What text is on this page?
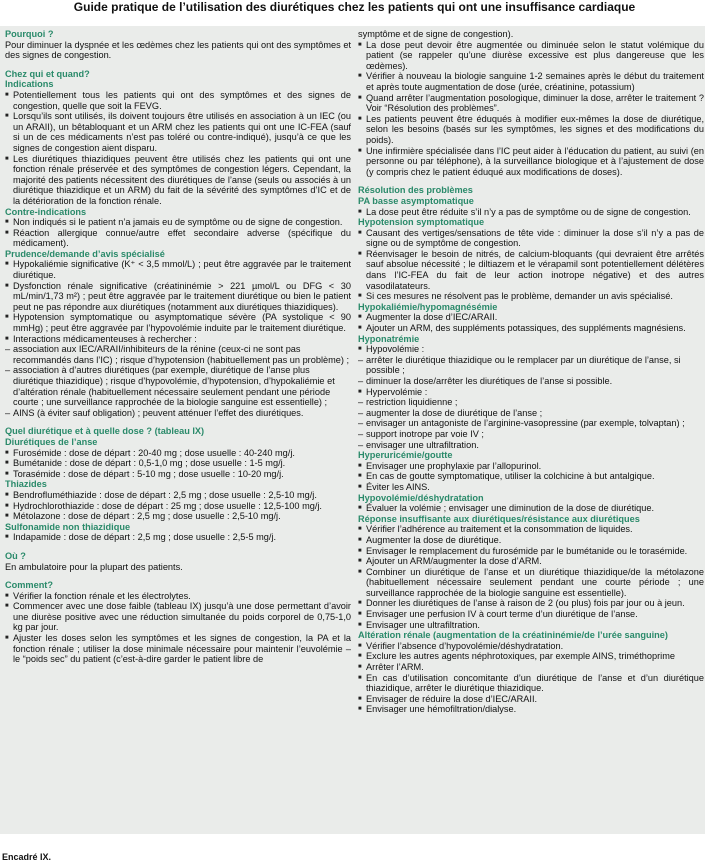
Guide pratique de l’utilisation des diurétiques chez les patients qui ont une insuffisance cardiaque
Pourquoi ?
Pour diminuer la dyspnée et les œdèmes chez les patients qui ont des symptômes et des signes de congestion.
Chez qui et quand?
Indications
■ Potentiellement tous les patients qui ont des symptômes et des signes de congestion, quelle que soit la FEVG.
■ Lorsqu’ils sont utilisés, ils doivent toujours être utilisés en association à un IEC (ou un ARAII), un bêtabloquant et un ARM chez les patients qui ont une IC-FEA (sauf si un de ces médicaments n’est pas toléré ou contre-indiqué), jusqu’à ce que les signes de congestion aient disparu.
■ Les diurétiques thiazidiques peuvent être utilisés chez les patients qui ont une fonction rénale préservée et des symptômes de congestion légers. Cependant, la majorité des patients nécessitent des diurétiques de l’anse (seuls ou associés à un diurétique thiazidique et un ARM) du fait de la sévérité des symptômes d’IC et de la détérioration de la fonction rénale.
Contre-indications
■ Non indiqués si le patient n’a jamais eu de symptôme ou de signe de congestion.
■ Réaction allergique connue/autre effet secondaire adverse (spécifique du médicament).
Prudence/demande d’avis spécialisé
■ Hypokaliémie significative (K⁺ < 3,5 mmol/L) ; peut être aggravée par le traitement diurétique.
■ Dysfonction rénale significative (créatininémie > 221 µmol/L ou DFG < 30 mL/min/1,73 m²) ; peut être aggravée par le traitement diurétique ou bien le patient peut ne pas répondre aux diurétiques (notamment aux diurétiques thiazidiques).
■ Hypotension symptomatique ou asymptomatique sévère (PA systolique < 90 mmHg) ; peut être aggravée par l’hypovolémie induite par le traitement diurétique.
■ Interactions médicamenteuses à rechercher :
– association aux IEC/ARAII/inhibiteurs de la rénine (ceux-ci ne sont pas recommandés dans l’IC) ; risque d’hypotension (habituellement pas un problème) ;
– association à d’autres diurétiques (par exemple, diurétique de l’anse plus diurétique thiazidique) ; risque d’hypovolémie, d’hypotension, d’hypokaliémie et d’altération rénale (habituellement nécessaire seulement pendant une période courte ; une surveillance rapprochée de la biologie sanguine est essentielle) ;
– AINS (à éviter sauf obligation) ; peuvent atténuer l’effet des diurétiques.
Quel diurétique et à quelle dose ? (tableau IX)
Diurétiques de l’anse
■ Furosémide : dose de départ : 20-40 mg ; dose usuelle : 40-240 mg/j.
■ Bumétanide : dose de départ : 0,5-1,0 mg ; dose usuelle : 1-5 mg/j.
■ Torasémide : dose de départ : 5-10 mg ; dose usuelle : 10-20 mg/j.
Thiazides
■ Bendrofluméthiazide : dose de départ : 2,5 mg ; dose usuelle : 2,5-10 mg/j.
■ Hydrochlorothiazide : dose de départ : 25 mg ; dose usuelle : 12,5-100 mg/j.
■ Métolazone : dose de départ : 2,5 mg ; dose usuelle : 2,5-10 mg/j.
Sulfonamide non thiazidique
■ Indapamide : dose de départ : 2,5 mg ; dose usuelle : 2,5-5 mg/j.
Où ?
En ambulatoire pour la plupart des patients.
Comment?
■ Vérifier la fonction rénale et les électrolytes.
■ Commencer avec une dose faible (tableau IX) jusqu’à une dose permettant d’avoir une diurèse positive avec une réduction simultanée du poids corporel de 0,75-1,0 kg par jour.
■ Ajuster les doses selon les symptômes et les signes de congestion, la PA et la fonction rénale ; utiliser la dose minimale nécessaire pour maintenir l’euvolémie – le “poids sec” du patient (c’est-à-dire garder le patient libre de
symptôme et de signe de congestion).
■ La dose peut devoir être augmentée ou diminuée selon le statut volémique du patient (se rappeler qu’une diurèse excessive est plus dangereuse que les œdèmes).
■ Vérifier à nouveau la biologie sanguine 1-2 semaines après le début du traitement et après toute augmentation de dose (urée, créatinine, potassium)
■ Quand arrêter l’augmentation posologique, diminuer la dose, arrêter le traitement ? Voir “Résolution des problèmes”.
■ Les patients peuvent être éduqués à modifier eux-mêmes la dose de diurétique, selon les besoins (basés sur les symptômes, les signes et des modifications du poids).
■ Une infirmière spécialisée dans l’IC peut aider à l’éducation du patient, au suivi (en personne ou par téléphone), à la surveillance biologique et à l’ajustement de dose (y compris chez le patient éduqué aux modifications de doses).
Résolution des problèmes
PA basse asymptomatique
■ La dose peut être réduite s’il n’y a pas de symptôme ou de signe de congestion.
Hypotension symptomatique
■ Causant des vertiges/sensations de tête vide : diminuer la dose s’il n’y a pas de signe ou de symptôme de congestion.
■ Réenvisager le besoin de nitrés, de calcium-bloquants (qui devraient être arrêtés sauf absolue nécessité ; le diltiazem et le vérapamil sont potentiellement délétères dans l’IC-FEA du fait de leur action inotrope négative) et des autres vasodilatateurs.
■ Si ces mesures ne résolvent pas le problème, demander un avis spécialisé.
Hypokaliémie/hypomagnésémie
■ Augmenter la dose d’IEC/ARAII.
■ Ajouter un ARM, des suppléments potassiques, des suppléments magnésiens.
Hyponatrémie
■ Hypovolémie :
– arrêter le diurétique thiazidique ou le remplacer par un diurétique de l’anse, si possible ;
– diminuer la dose/arrêter les diurétiques de l’anse si possible.
■ Hypervolémie :
– restriction liquidienne ;
– augmenter la dose de diurétique de l’anse ;
– envisager un antagoniste de l’arginine-vasopressine (par exemple, tolvaptan) ;
– support inotrope par voie IV ;
– envisager une ultrafiltration.
Hyperuricémie/goutte
■ Envisager une prophylaxie par l’allopurinol.
■ En cas de goutte symptomatique, utiliser la colchicine à but antalgique.
■ Éviter les AINS.
Hypovolémie/déshydratation
■ Évaluer la volémie ; envisager une diminution de la dose de diurétique.
Réponse insuffisante aux diurétiques/résistance aux diurétiques
■ Vérifier l’adhérence au traitement et la consommation de liquides.
■ Augmenter la dose de diurétique.
■ Envisager le remplacement du furosémide par le bumétanide ou le torasémide.
■ Ajouter un ARM/augmenter la dose d’ARM.
■ Combiner un diurétique de l’anse et un diurétique thiazidique/de la métolazone (habituellement nécessaire seulement pendant une courte période ; une surveillance rapprochée de la biologie sanguine est essentielle).
■ Donner les diurétiques de l’anse à raison de 2 (ou plus) fois par jour ou à jeun.
■ Envisager une perfusion IV à court terme d’un diurétique de l’anse.
■ Envisager une ultrafiltration.
Altération rénale (augmentation de la créatininémie/de l’urée sanguine)
■ Vérifier l’absence d’hypovolémie/déshydratation.
■ Exclure les autres agents néphrotoxiques, par exemple AINS, triméthoprime
■ Arrêter l’ARM.
■ En cas d’utilisation concomitante d’un diurétique de l’anse et d’un diurétique thiazidique, arrêter le diurétique thiazidique.
■ Envisager de réduire la dose d’IEC/ARAII.
■ Envisager une hémofiltration/dialyse.
Encadré IX.
